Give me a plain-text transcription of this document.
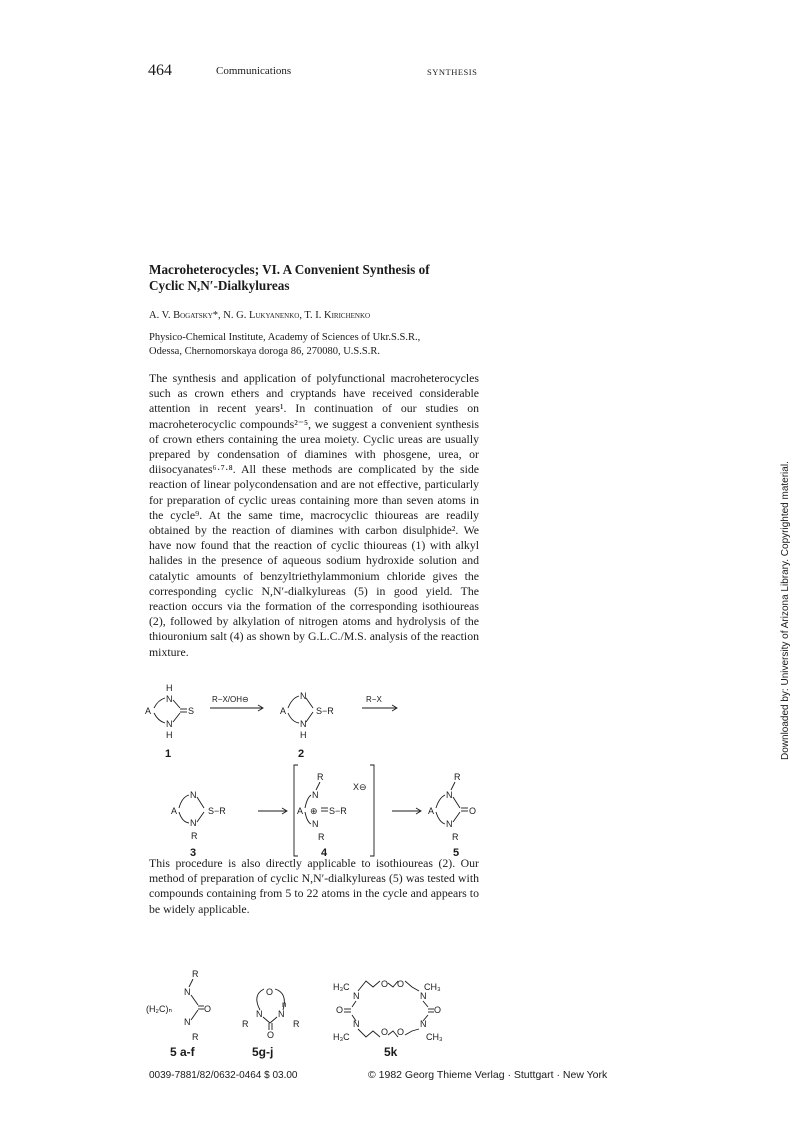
464	Communications	SYNTHESIS
Macroheterocycles; VI. A Convenient Synthesis of
Cyclic N,N′-Dialkylureas
A. V. Bogatsky*, N. G. Lukyanenko, T. I. Kirichenko
Physico-Chemical Institute, Academy of Sciences of Ukr.S.S.R.,
Odessa, Chernomorskaya doroga 86, 270080, U.S.S.R.

The synthesis and application of polyfunctional macroheterocycles such as crown ethers and cryptands have received considerable attention in recent years¹. In continuation of our studies on macroheterocyclic compounds²⁻⁵, we suggest a convenient synthesis of crown ethers containing the urea moiety. Cyclic ureas are usually prepared by condensation of diamines with phosgene, urea, or diisocyanates⁶·⁷·⁸. All these methods are complicated by the side reaction of linear polycondensation and are not effective, particularly for preparation of cyclic ureas containing more than seven atoms in the cycle⁹. At the same time, macrocyclic thioureas are readily obtained by the reaction of diamines with carbon disulphide². We have now found that the reaction of cyclic thioureas (1) with alkyl halides in the presence of aqueous sodium hydroxide solution and catalytic amounts of benzyltriethylammonium chloride gives the corresponding cyclic N,N′-dialkylureas (5) in good yield. The reaction occurs via the formation of the corresponding isothioureas (2), followed by alkylation of nitrogen atoms and hydrolysis of the thiouronium salt (4) as shown by G.L.C./M.S. analysis of the reaction mixture.

H
N
A	S
N
H
1
R−X/OH⊖	N
A	S−R
N
H
2
R−X
N
A	S−R
N
R
3
R
N
A ⊕ S−R
N
R
X⊖
4
R
N
A	O
N
R
5

This procedure is also directly applicable to isothioureas (2). Our method of preparation of cyclic N,N′-dialkylureas (5) was tested with compounds containing from 5 to 22 atoms in the cycle and appears to be widely applicable.

R
N
(H₂C)ₙ	O
N
R
5 a-f
O
n
N N
R	R
O
5g-j
H₃C	CH₃
O O
N	N
O	O
N	N
O O
H₃C	CH₃
5k
0039-7881/82/0632-0464 $ 03.00	© 1982 Georg Thieme Verlag · Stuttgart · New York
Downloaded by: University of Arizona Library. Copyrighted material.
